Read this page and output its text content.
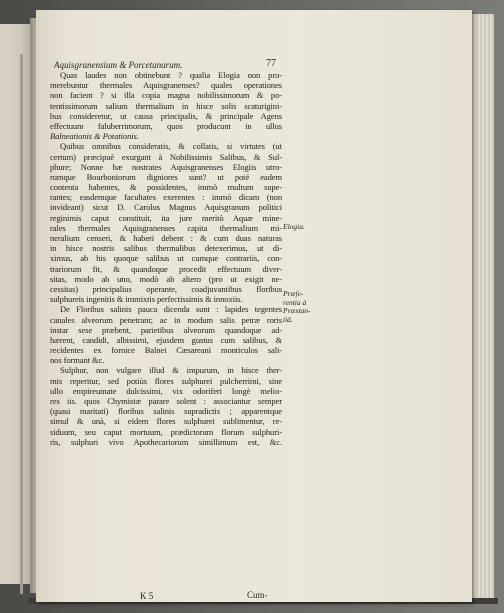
Aquisgranensium & Porcetanarum.	77
Quas laudes non obtinebunt ? qualia Elogia non pro-
merebuntur thermales Aquisgranenses? quales operationes
non facient ? si illa copia magna nobilissimorum & po-
tentissimorum salium thermalium in hisce solis scaturigini-
bus consideretur, ut causa principalis, & principale Agens
effectuum faluberrimorum, quos producunt in ullus
Balneationis & Potationis.
Quibus omnibus consideratis, & collatis, si virtutes (ut
certum) præcipuè exurgant à Nobilissimis Salibus, & Sul-
phure; Nonne hæ nostrates Aquisgranenses Elogiis utro-
rumque Bourboniorum digniores sunt? ut poté eadem
contenta habentes, & possidentes, immò multum supe-
rantes; easdemque facultates exerentes : immò dicam (non
invideant) sicut D. Carolus Magnus Aquisgranum politici
reginimis caput constituit, ita jure meritò Aquæ mine-
rales thermales Aquisgranenses capita thermalium mi-
neralium censeri, & haberi debent : & cum duas naturas
in hisce nostris salibus thermalibus detexerimus, ut di-
ximus, ab his quoque salibus ut cumque contrariis, con-
trariorum fit, & quandoque procedit effectuum diver-
sitas, modo ab uno, modò ab altero (pro ut exigit ne-
cessitas) principalius operante, coadjuvantibus floribus
sulphureis ingenitis & immixtis perfectissimis & innoxiis.
De Floribus salinis pauca dicenda sunt : lapides tegentes
canales alveorum penetrant; ac in modum salis petræ roris
instar sese præbent, parietibus alveorum quandoque ad-
hærent, candidi, albissimi, ejusdem gustus cum salibus, &
recidentes ex fornice Balnei Cæsareani monticulos sali-
nos formant &c.
Sulphur, non vulgare illud & impurum, in hisce ther-
mis reperitur, sed potiùs flores sulphurei pulcherrimi, sine
ullo empireumate dulcissimi, vix odoriferi longè melio-
res iis. quos Chymistæ parare solent : associantur semper
(quasi maritati) floribus salinis supradictis ; apparentque
simul & unà, si eidem flores sulphurei sublimentur, re-
siduum, seu caput mortuum, prædictorum florum sulphuri-
ris, sulphuri vivo Apothecariorum simillimum est, &c.
Elogia.
Præfe-
rentia à
Præstan-
tiâ.
K 5	Cum-
